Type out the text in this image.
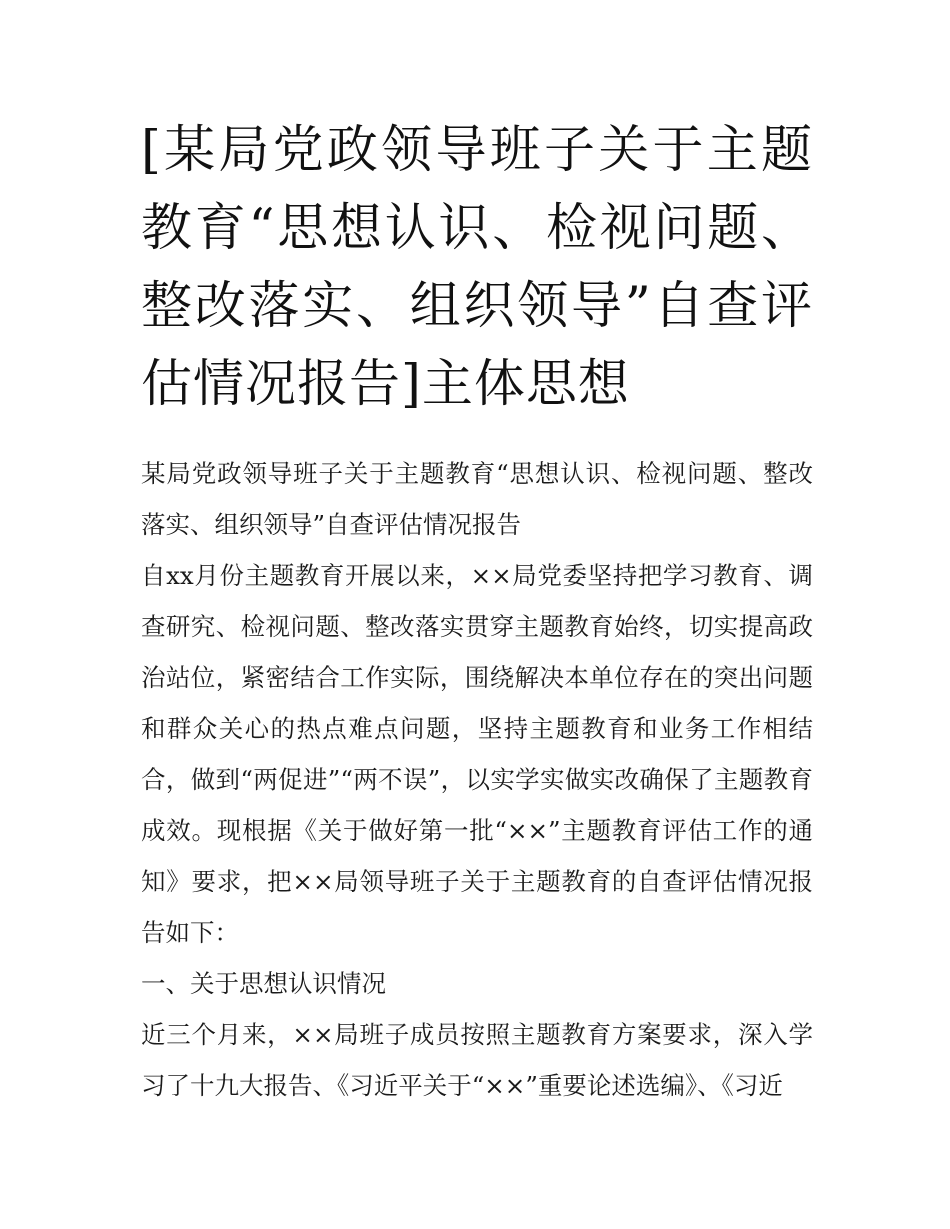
[某局党政领导班子关于主题教育“思想认识、检视问题、整改落实、组织领导”自查评估情况报告]主体思想

某局党政领导班子关于主题教育“思想认识、检视问题、整改落实、组织领导”自查评估情况报告

自xx月份主题教育开展以来，××局党委坚持把学习教育、调查研究、检视问题、整改落实贯穿主题教育始终，切实提高政治站位，紧密结合工作实际，围绕解决本单位存在的突出问题和群众关心的热点难点问题，坚持主题教育和业务工作相结合，做到“两促进”“两不误”，以实学实做实改确保了主题教育成效。现根据《关于做好第一批“××”主题教育评估工作的通知》要求，把××局领导班子关于主题教育的自查评估情况报告如下：

一、关于思想认识情况

近三个月来，××局班子成员按照主题教育方案要求，深入学习了十九大报告、《习近平关于“××”重要论述选编》、《习近
